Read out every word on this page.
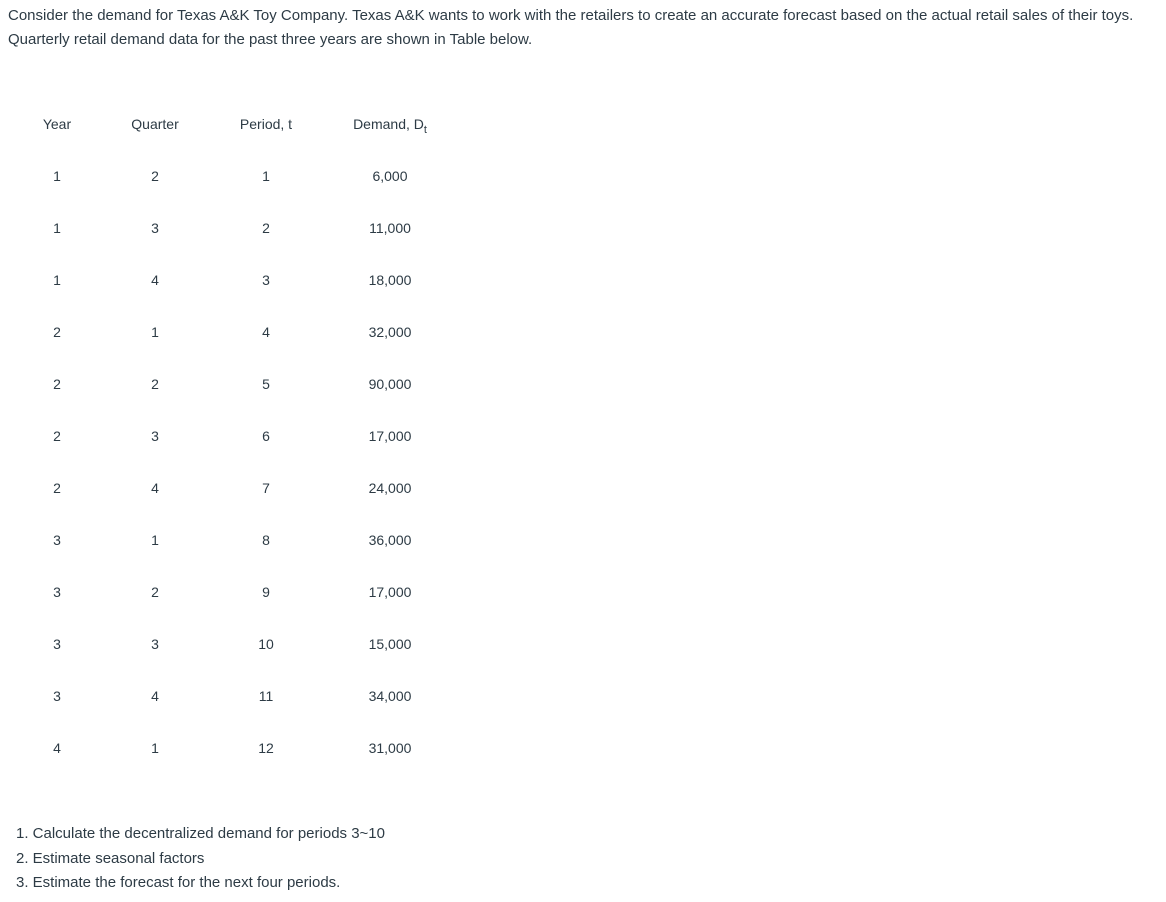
Consider the demand for Texas A&K Toy Company. Texas A&K wants to work with the retailers to create an accurate forecast based on the actual retail sales of their toys. Quarterly retail demand data for the past three years are shown in Table below.

Year	Quarter	Period, t	Demand, $D_t$
1	2	1	6,000
1	3	2	11,000
1	4	3	18,000
2	1	4	32,000
2	2	5	90,000
2	3	6	17,000
2	4	7	24,000
3	1	8	36,000
3	2	9	17,000
3	3	10	15,000
3	4	11	34,000
4	1	12	31,000
1. Calculate the decentralized demand for periods 3~10
2. Estimate seasonal factors
3. Estimate the forecast for the next four periods.
